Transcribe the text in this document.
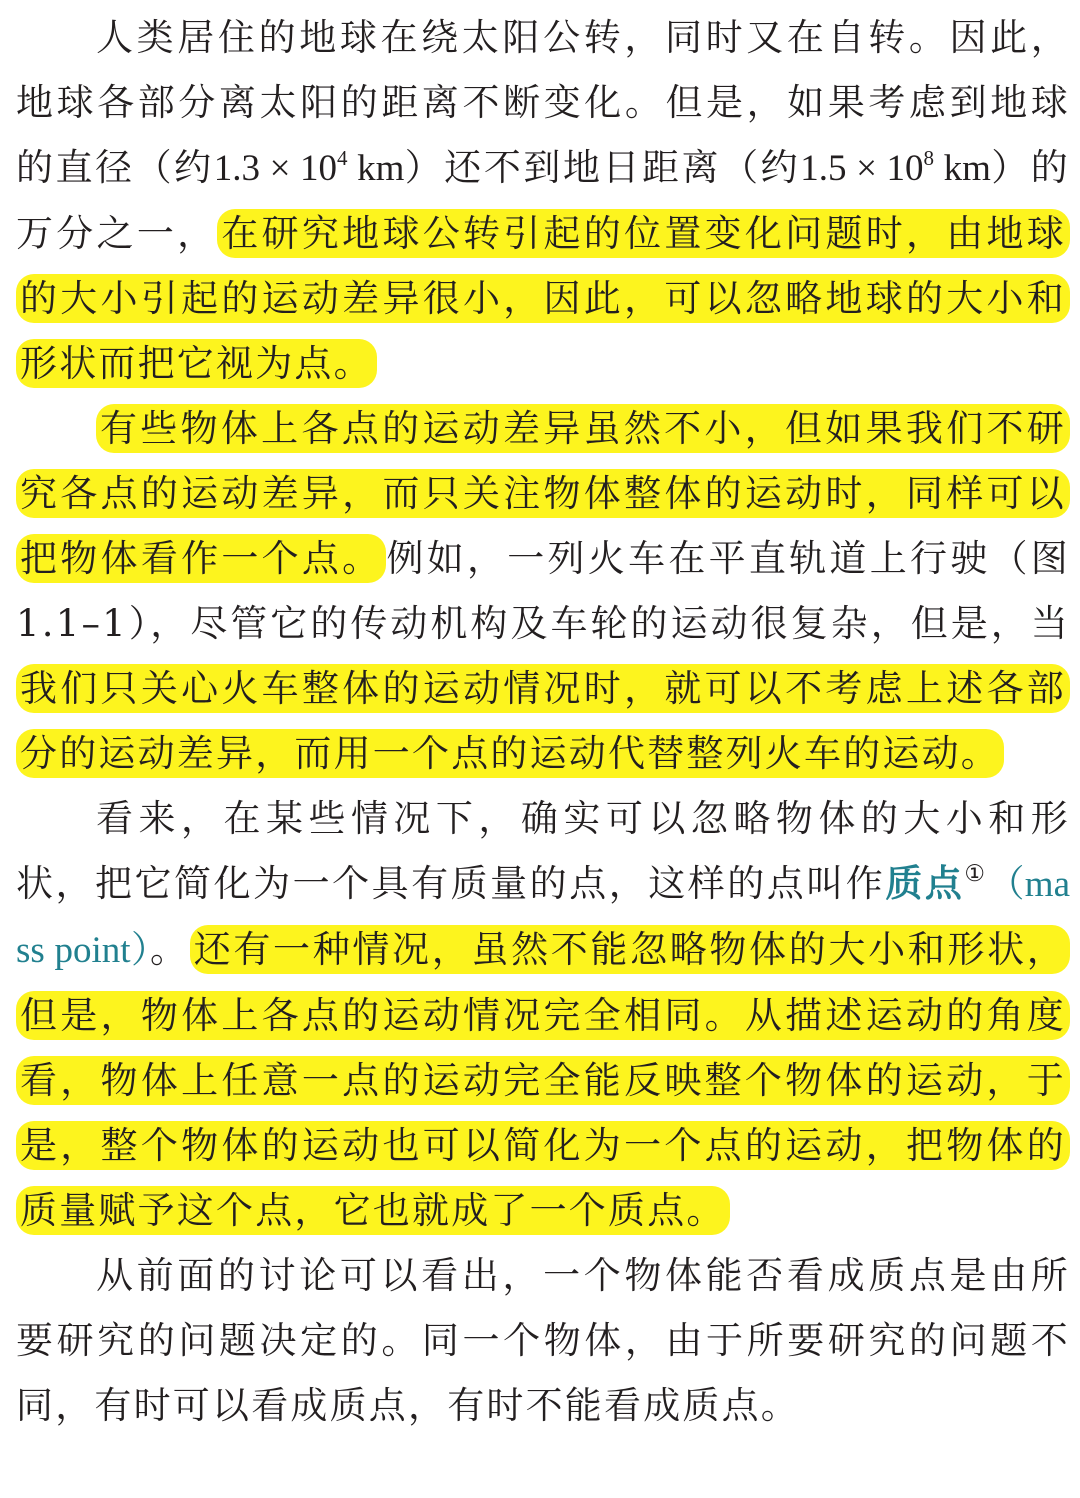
人类居住的地球在绕太阳公转，同时又在自转。因此，地球各部分离太阳的距离不断变化。但是，如果考虑到地球的直径（约$1.3 \times 10^4$ km）还不到地日距离（约$1.5 \times 10^8$ km）的万分之一， 在研究地球公转引起的位置变化问题时，由地球的大小引起的运动差异很小，因此，可以忽略地球的大小和形状而把它视为点。

有些物体上各点的运动差异虽然不小，但如果我们不研究各点的运动差异，而只关注物体整体的运动时，同样可以把物体看作一个点。 例如，一列火车在平直轨道上行驶（图 1.1–1），尽管它的传动机构及车轮的运动很复杂，但是，当我们只关心火车整体的运动情况时，就可以不考虑上述各部分的运动差异，而用一个点的运动代替整列火车的运动。

看来，在某些情况下，确实可以忽略物体的大小和形状，把它简化为一个具有质量的点，这样的点叫作质点①（mass point）。 还有一种情况，虽然不能忽略物体的大小和形状，但是，物体上各点的运动情况完全相同。从描述运动的角度看，物体上任意一点的运动完全能反映整个物体的运动，于是，整个物体的运动也可以简化为一个点的运动，把物体的质量赋予这个点，它也就成了一个质点。

从前面的讨论可以看出，一个物体能否看成质点是由所要研究的问题决定的。同一个物体，由于所要研究的问题不同，有时可以看成质点，有时不能看成质点。
